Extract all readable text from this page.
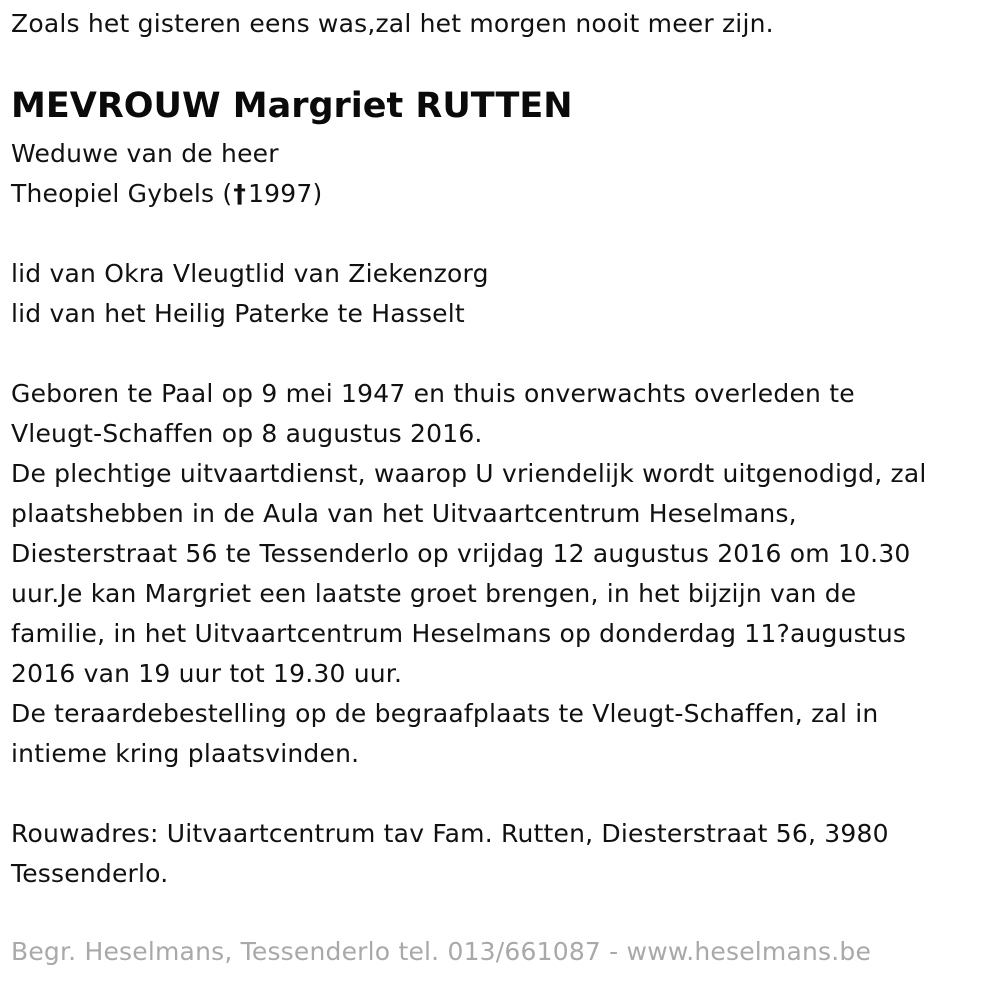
Zoals het gisteren eens was,zal het morgen nooit meer zijn.
MEVROUW Margriet RUTTEN
Weduwe van de heer
Theopiel Gybels (†1997)
lid van Okra Vleugtlid van Ziekenzorg
lid van het Heilig Paterke te Hasselt
Geboren te Paal op 9 mei 1947 en thuis onverwachts overleden te
Vleugt-Schaffen op 8 augustus 2016.
De plechtige uitvaartdienst, waarop U vriendelijk wordt uitgenodigd, zal
plaatshebben in de Aula van het Uitvaartcentrum Heselmans,
Diesterstraat 56 te Tessenderlo op vrijdag 12 augustus 2016 om 10.30
uur.Je kan Margriet een laatste groet brengen, in het bijzijn van de
familie, in het Uitvaartcentrum Heselmans op donderdag 11?augustus
2016 van 19 uur tot 19.30 uur.
De teraardebestelling op de begraafplaats te Vleugt-Schaffen, zal in
intieme kring plaatsvinden.
Rouwadres: Uitvaartcentrum tav Fam. Rutten, Diesterstraat 56, 3980
Tessenderlo.
Begr. Heselmans, Tessenderlo tel. 013/661087 - www.heselmans.be
